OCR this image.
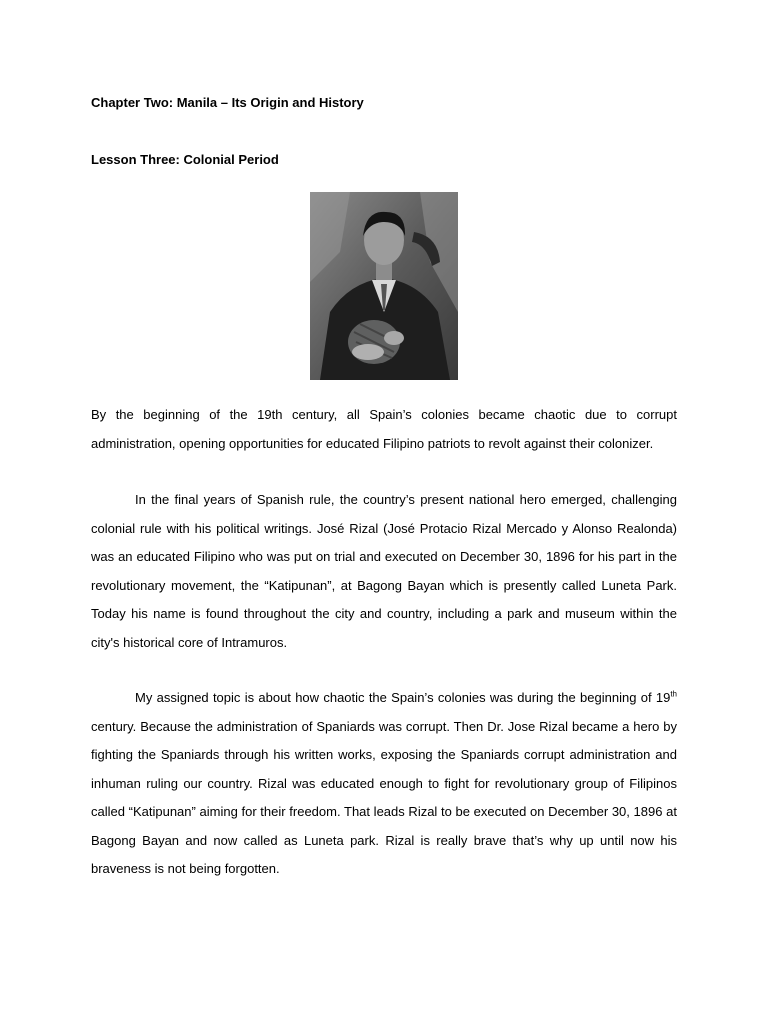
Chapter Two: Manila – Its Origin and History
Lesson Three: Colonial Period

By the beginning of the 19th century, all Spain’s colonies became chaotic due to corrupt administration, opening opportunities for educated Filipino patriots to revolt against their colonizer.

In the final years of Spanish rule, the country’s present national hero emerged, challenging colonial rule with his political writings. José Rizal (José Protacio Rizal Mercado y Alonso Realonda) was an educated Filipino who was put on trial and executed on December 30, 1896 for his part in the revolutionary movement, the “Katipunan”, at Bagong Bayan which is presently called Luneta Park. Today his name is found throughout the city and country, including a park and museum within the city's historical core of Intramuros.

My assigned topic is about how chaotic the Spain’s colonies was during the beginning of 19th century. Because the administration of Spaniards was corrupt. Then Dr. Jose Rizal became a hero by fighting the Spaniards through his written works, exposing the Spaniards corrupt administration and inhuman ruling our country. Rizal was educated enough to fight for revolutionary group of Filipinos called “Katipunan” aiming for their freedom. That leads Rizal to be executed on December 30, 1896 at Bagong Bayan and now called as Luneta park. Rizal is really brave that’s why up until now his braveness is not being forgotten.
